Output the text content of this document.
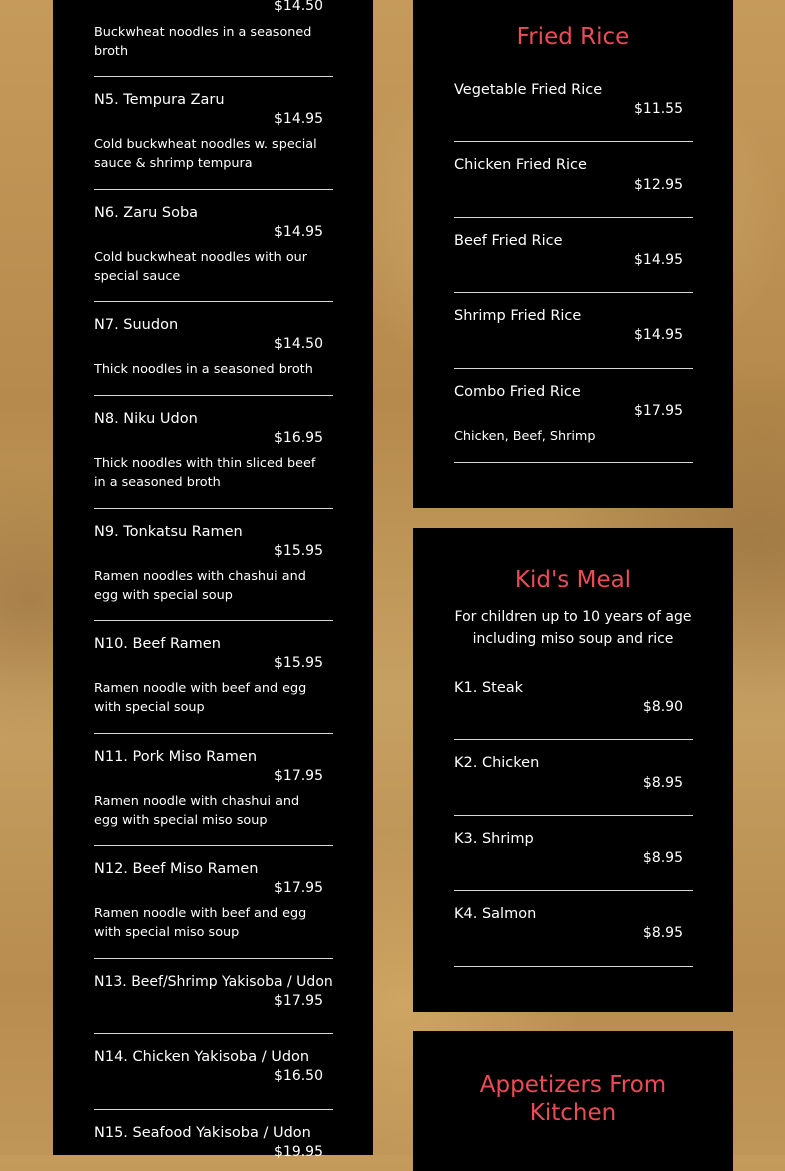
$14.50
Buckwheat noodles in a seasoned broth
N5. Tempura Zaru
$14.95
Cold buckwheat noodles w. special sauce & shrimp tempura
N6. Zaru Soba
$14.95
Cold buckwheat noodles with our special sauce
N7. Suudon
$14.50
Thick noodles in a seasoned broth
N8. Niku Udon
$16.95
Thick noodles with thin sliced beef in a seasoned broth
N9. Tonkatsu Ramen
$15.95
Ramen noodles with chashui and egg with special soup
N10. Beef Ramen
$15.95
Ramen noodle with beef and egg with special soup
N11. Pork Miso Ramen
$17.95
Ramen noodle with chashui and egg with special miso soup
N12. Beef Miso Ramen
$17.95
Ramen noodle with beef and egg with special miso soup
N13. Beef/Shrimp Yakisoba / Udon
$17.95
N14. Chicken Yakisoba / Udon
$16.50
N15. Seafood Yakisoba / Udon
$19.95
Fried Rice
Vegetable Fried Rice
$11.55
Chicken Fried Rice
$12.95
Beef Fried Rice
$14.95
Shrimp Fried Rice
$14.95
Combo Fried Rice
$17.95
Chicken, Beef, Shrimp
Kid's Meal
For children up to 10 years of age including miso soup and rice
K1. Steak
$8.90
K2. Chicken
$8.95
K3. Shrimp
$8.95
K4. Salmon
$8.95
Appetizers From Kitchen
